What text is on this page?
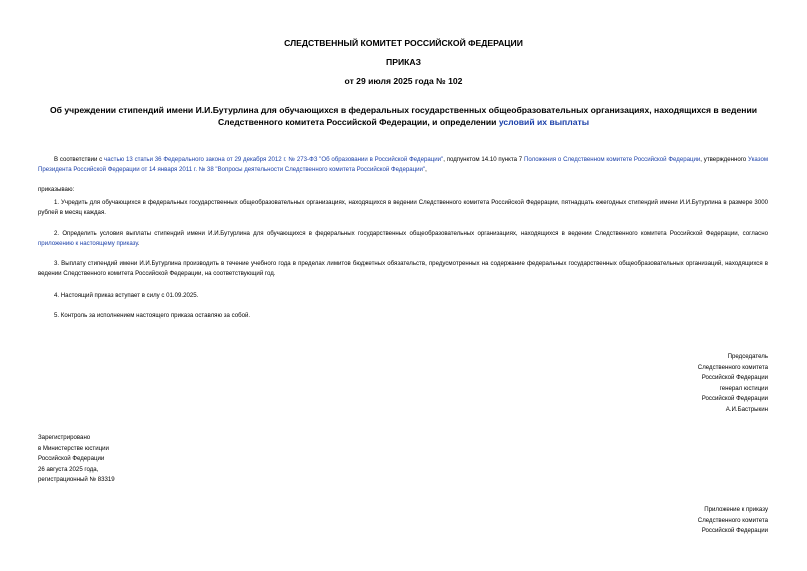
СЛЕДСТВЕННЫЙ КОМИТЕТ РОССИЙСКОЙ ФЕДЕРАЦИИ
ПРИКАЗ
от 29 июля 2025 года № 102
Об учреждении стипендий имени И.И.Бутурлина для обучающихся в федеральных государственных общеобразовательных организациях, находящихся в ведении Следственного комитета Российской Федерации, и определении условий их выплаты
В соответствии с частью 13 статьи 36 Федерального закона от 29 декабря 2012 г. № 273-ФЗ "Об образовании в Российской Федерации", подпунктом 14.10 пункта 7 Положения о Следственном комитете Российской Федерации, утвержденного Указом Президента Российской Федерации от 14 января 2011 г. № 38 "Вопросы деятельности Следственного комитета Российской Федерации",
приказываю:
1. Учредить для обучающихся в федеральных государственных общеобразовательных организациях, находящихся в ведении Следственного комитета Российской Федерации, пятнадцать ежегодных стипендий имени И.И.Бутурлина в размере 3000 рублей в месяц каждая.
2. Определить условия выплаты стипендий имени И.И.Бутурлина для обучающихся в федеральных государственных общеобразовательных организациях, находящихся в ведении Следственного комитета Российской Федерации, согласно приложению к настоящему приказу.
3. Выплату стипендий имени И.И.Бутурлина производить в течение учебного года в пределах лимитов бюджетных обязательств, предусмотренных на содержание федеральных государственных общеобразовательных организаций, находящихся в ведении Следственного комитета Российской Федерации, на соответствующий год.
4. Настоящий приказ вступает в силу с 01.09.2025.
5. Контроль за исполнением настоящего приказа оставляю за собой.
Председатель
Следственного комитета
Российской Федерации
генерал юстиции
Российской Федерации
А.И.Бастрыкин
Зарегистрировано
в Министерстве юстиции
Российской Федерации
26 августа 2025 года,
регистрационный № 83319
Приложение к приказу
Следственного комитета
Российской Федерации
